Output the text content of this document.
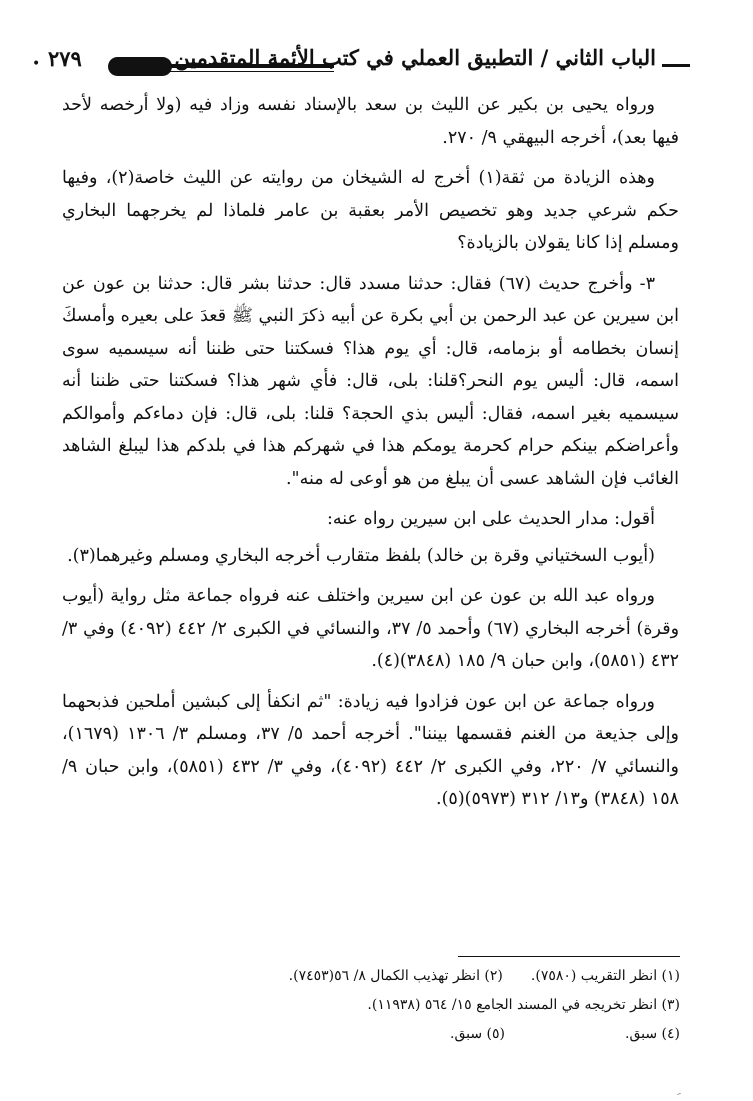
• ٢٧٩	الباب الثاني / التطبيق العملي في كتب الأئمة المتقدمين

ورواه يحيى بن بكير عن الليث بن سعد بالإسناد نفسه وزاد فيه (ولا أرخصه لأحد فيها بعد)، أخرجه البيهقي ٩/ ٢٧٠.

وهذه الزيادة من ثقة(١) أخرج له الشيخان من روايته عن الليث خاصة(٢)، وفيها حكم شرعي جديد وهو تخصيص الأمر بعقبة بن عامر فلماذا لم يخرجهما البخاري ومسلم إذا كانا يقولان بالزيادة؟

٣- وأخرج حديث (٦٧) فقال: حدثنا مسدد قال: حدثنا بشر قال: حدثنا بن عون عن ابن سيرين عن عبد الرحمن بن أبي بكرة عن أبيه ذكرَ النبي ﷺ قعدَ على بعيره وأمسكَ إنسان بخطامه أو بزمامه، قال: أي يوم هذا؟ فسكتنا حتى ظننا أنه سيسميه سوى اسمه، قال: أليس يوم النحر؟قلنا: بلى، قال: فأي شهر هذا؟ فسكتنا حتى ظننا أنه سيسميه بغير اسمه، فقال: أليس بذي الحجة؟ قلنا: بلى، قال: فإن دماءكم وأموالكم وأعراضكم بينكم حرام كحرمة يومكم هذا في شهركم هذا في بلدكم هذا ليبلغ الشاهد الغائب فإن الشاهد عسى أن يبلغ من هو أوعى له منه".

أقول: مدار الحديث على ابن سيرين رواه عنه:

(أيوب السختياني وقرة بن خالد) بلفظ متقارب أخرجه البخاري ومسلم وغيرهما(٣).

ورواه عبد الله بن عون عن ابن سيرين واختلف عنه فرواه جماعة مثل رواية (أيوب وقرة) أخرجه البخاري (٦٧) وأحمد ٥/ ٣٧، والنسائي في الكبرى ٢/ ٤٤٢ (٤٠٩٢) وفي ٣/ ٤٣٢ (٥٨٥١)، وابن حبان ٩/ ١٨٥ (٣٨٤٨)(٤).

ورواه جماعة عن ابن عون فزادوا فيه زيادة: "ثم انكفأ إلى كبشين أملحين فذبحهما وإلى جذيعة من الغنم فقسمها بيننا". أخرجه أحمد ٥/ ٣٧، ومسلم ٣/ ١٣٠٦ (١٦٧٩)، والنسائي ٧/ ٢٢٠، وفي الكبرى ٢/ ٤٤٢ (٤٠٩٢)، وفي ٣/ ٤٣٢ (٥٨٥١)، وابن حبان ٩/ ١٥٨ (٣٨٤٨) و١٣/ ٣١٢ (٥٩٧٣)(٥).

(١) انظر التقريب (٧٥٨٠).(٢) انظر تهذيب الكمال ٨/ ٥٦(٧٤٥٣).
(٣) انظر تخريجه في المسند الجامع ١٥/ ٥٦٤ (١١٩٣٨).
(٤) سبق.(٥) سبق.
